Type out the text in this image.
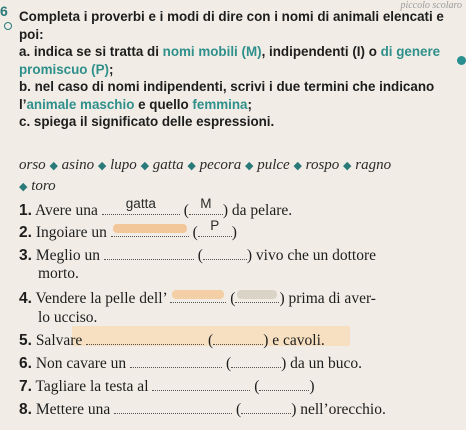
piccolo scolaro
6 Completa i proverbi e i modi di dire con i nomi di animali elencati e poi:

a. indica se si tratta di nomi mobili (M), indipendenti (I) o di genere promiscuo (P);

b. nel caso di nomi indipendenti, scrivi i due termini che indicano l’animale maschio e quello femmina;

c. spiega il significato delle espressioni.

orso ◆ asino ◆ lupo ◆ gatta ◆ pecora ◆ pulce ◆ rospo ◆ ragno
◆ toro
1. Avere una	gatta	( M ) da pelare.
2. Ingoiare un	( P )
3. Meglio un	(	) vivo che un dottore
morto.
4. Vendere la pelle dell’	(	) prima di aver-
lo ucciso.
5. Salvare	(	) e cavoli.
6. Non cavare un	(	) da un buco.
7. Tagliare la testa al	(	)
8. Mettere una	(	) nell’orecchio.
